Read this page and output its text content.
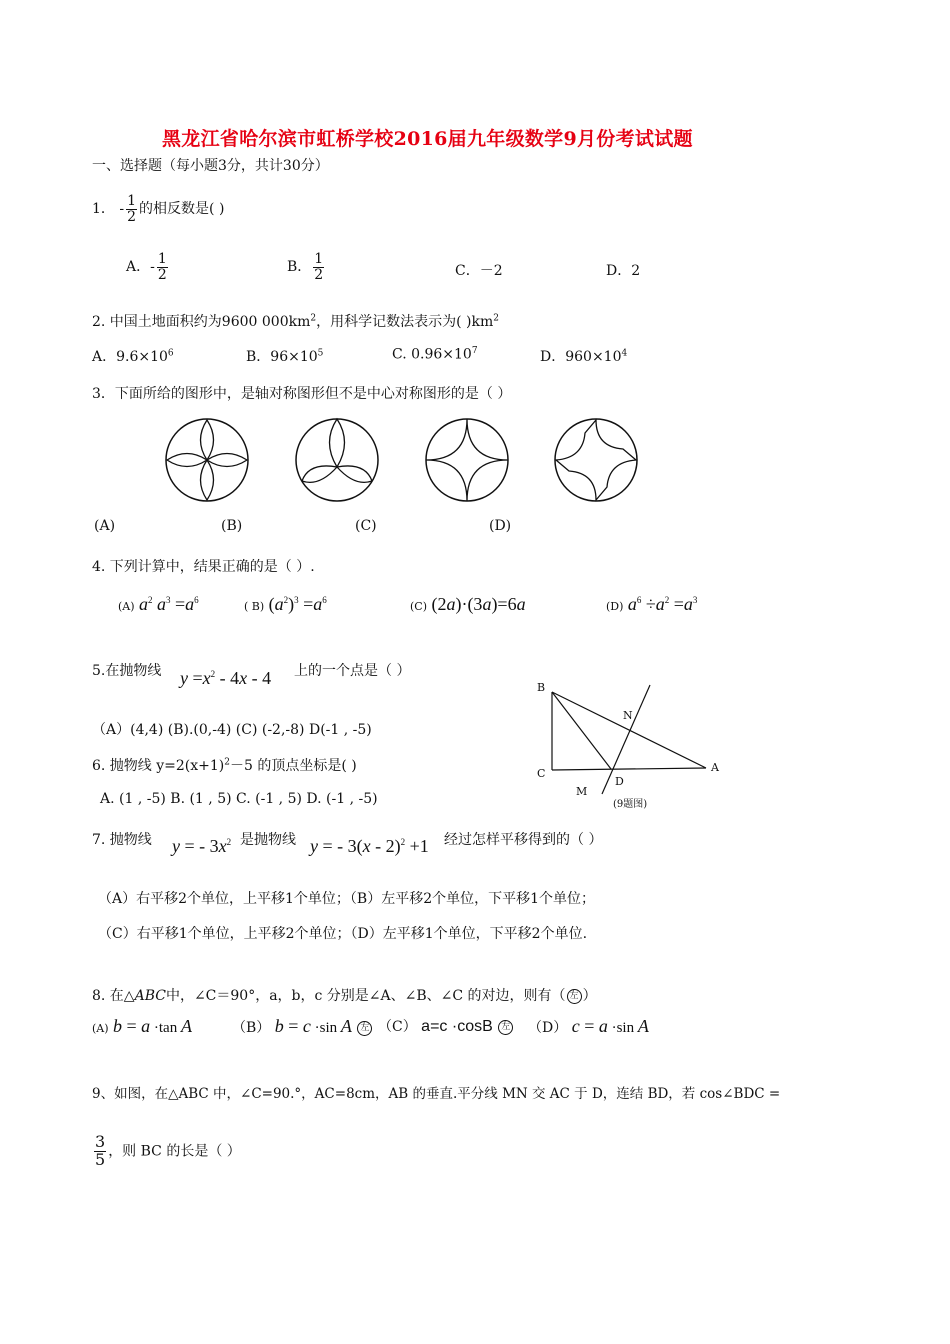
黑龙江省哈尔滨市虹桥学校2016届九年级数学9月份考试试题
一、选择题（每小题3分，共计30分）
1． - $\frac{1}{2}$ 的相反数是( )
A．- $\frac{1}{2}$	B． $\frac{1}{2}$	C．－2	D．2
2. 中国土地面积约为9600 $000km^2$，用科学记数法表示为( )$km^2$
A．$9.6\times 10^6$	B．$96\times 10^5$	C. $0.96\times 10^7$	D．$960\times 10^4$
3．下面所给的图形中，是轴对称图形但不是中心对称图形的是（ ）
(A)	(B)	(C)	(D)
4. 下列计算中，结果正确的是（ ）.
(A) $a^2$ $a^3 =a^6$	( B) $(a^2)^3 =a^6$	(C) (2a)·(3a)=6a	(D) $a^6 \div a^2 =a^3$
5.在抛物线 $y =x^2 - 4x - 4$ 上的一个点是（ ）
（A）(4,4) (B).(0,-4) (C) (-2,-8) D(-1 , -5)
6. 抛物线 $y=2(x+1)^2-5$ 的顶点坐标是( )
A. (1 , -5) B. (1 , 5) C. (-1 , 5) D. (-1 , -5)
B
N
C
D
A
M
(9题图)
7. 抛物线 y = - $3x^2$ 是抛物线 y = - 3(x - 2)$^2$ +1 经过怎样平移得到的（ ）
（A）右平移2个单位，上平移1个单位；（B）左平移2个单位，下平移1个单位；
（C）右平移1个单位，上平移2个单位；（D）左平移1个单位，下平移2个单位.
8. 在△ABC中，∠C＝90°，a，b，c 分别是∠A、∠B、∠C 的对边，则有（ 左 ）
(A) b = a ·tan A	（B） b = c ·sin A 左 （C） a=c ·cosB 左 （D） c = a ·sin A
9、如图，在△ABC 中，∠C=90.°，AC=8cm，AB 的垂直.平分线 MN 交 AC 于 D，连结 BD，若 cos∠BDC =
$\frac{3}{5}$ ，则 BC 的长是（ ）
